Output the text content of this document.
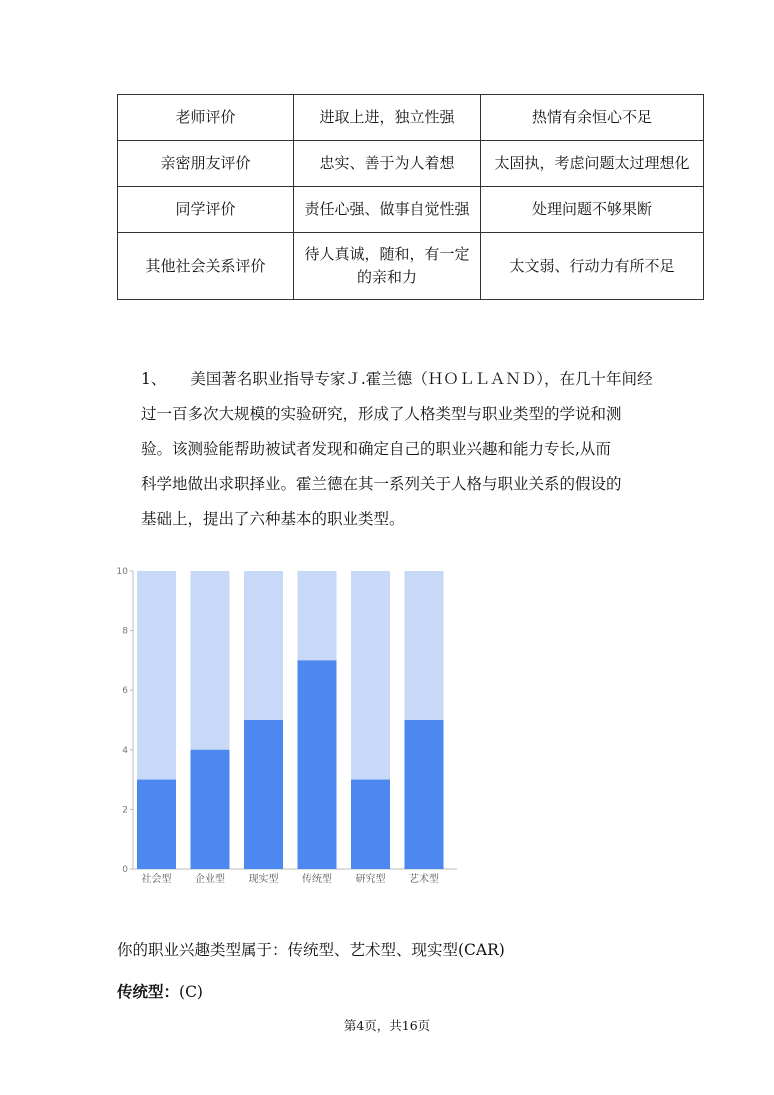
老师评价	进取上进，独立性强	热情有余恒心不足
亲密朋友评价	忠实、善于为人着想	太固执，考虑问题太过理想化
同学评价	责任心强、做事自觉性强	处理问题不够果断
其他社会关系评价	待人真诚，随和，有一定的亲和力	太文弱、行动力有所不足
1、 美国著名职业指导专家Ｊ.霍兰德（ＨＯＬＬＡＮＤ），在几十年间经
过一百多次大规模的实验研究，形成了人格类型与职业类型的学说和测
验。该测验能帮助被试者发现和确定自己的职业兴趣和能力专长,从而
科学地做出求职择业。霍兰德在其一系列关于人格与职业关系的假设的
基础上，提出了六种基本的职业类型。
0
2
4
6
8
10
社会型 企业型 现实型 传统型 研究型 艺术型
你的职业兴趣类型属于：传统型、艺术型、现实型(CAR)
传统型：(C)
第4页，共16页
